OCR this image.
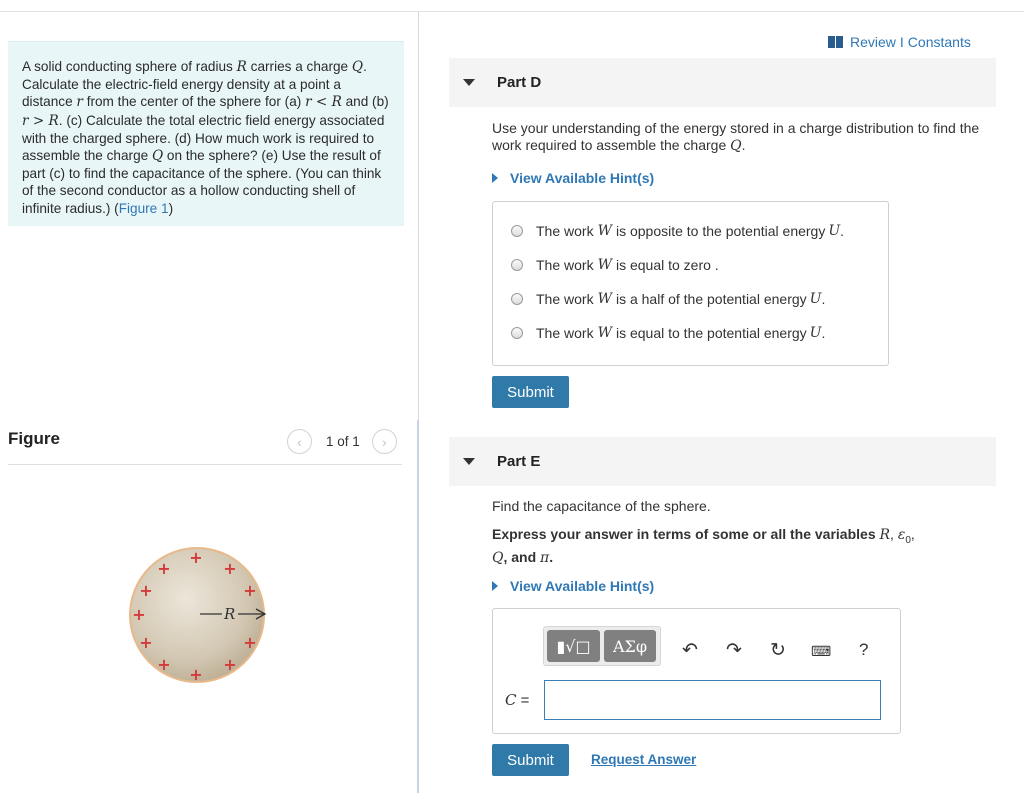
A solid conducting sphere of radius R carries a charge Q. Calculate the electric-field energy density at a point a distance r from the center of the sphere for (a) r < R and (b) r > R. (c) Calculate the total electric field energy associated with the charged sphere. (d) How much work is required to assemble the charge Q on the sphere? (e) Use the result of part (c) to find the capacitance of the sphere. (You can think of the second conductor as a hollow conducting shell of infinite radius.) (Figure 1)
Figure	‹ 1 of 1 ›
R
+
+	+
+	+
+
+	+
+	+
+
Review I Constants
Part D
Use your understanding of the energy stored in a charge distribution to find the work required to assemble the charge Q.
View Available Hint(s)
The work W is opposite to the potential energy U .
The work W is equal to zero .
The work W is a half of the potential energy U .
The work W is equal to the potential energy U .
Submit
Part E
Find the capacitance of the sphere.
Express your answer in terms of some or all the variables R, $\varepsilon_0$,
Q, and π.
View Available Hint(s)
▮√□	ΑΣφ	↶ ↷ ↻ ⌨ ?
C =
Submit	Request Answer
